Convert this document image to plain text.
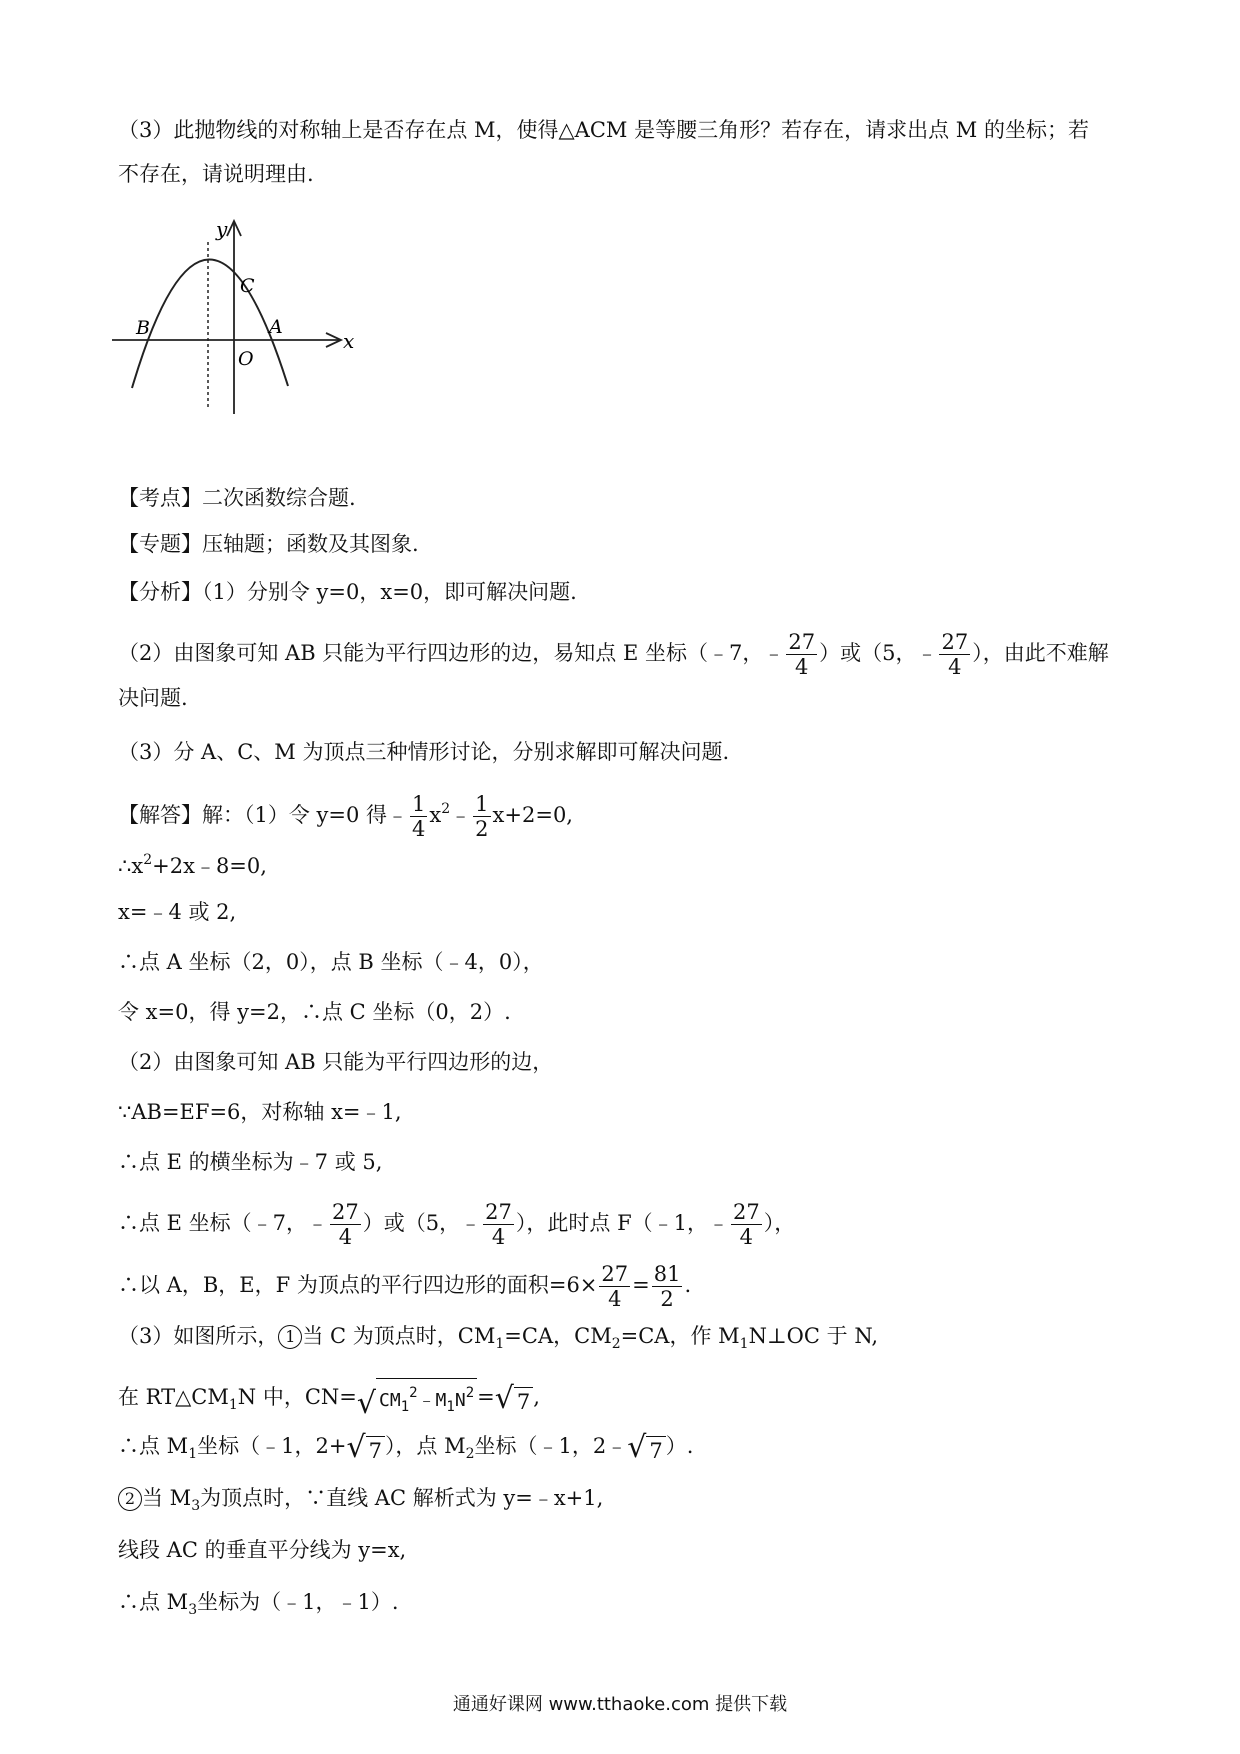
（3）此抛物线的对称轴上是否存在点 M，使得△ACM 是等腰三角形？若存在，请求出点 M 的坐标；若
不存在，请说明理由.
y
x
C
B	A
O
【考点】二次函数综合题.
【专题】压轴题；函数及其图象.
【分析】（1）分别令 y=0，x=0，即可解决问题.
（2）由图象可知 AB 只能为平行四边形的边，易知点 E 坐标（﹣7，﹣ $\frac{27}{4}$ ）或（5，﹣ $\frac{27}{4}$ ），由此不难解
决问题.
（3）分 A、C、M 为顶点三种情形讨论，分别求解即可解决问题.
【解答】解：（1）令 y=0 得﹣ $\frac{1}{4}$ $x^2﹣ \frac{1}{2} x+2=0$,
$\therefore x^2+2x﹣8=0$,
x=﹣4 或 2,
∴点 A 坐标（2，0），点 B 坐标（﹣4，0），
令 x=0，得 y=2，∴点 C 坐标（0，2）.
（2）由图象可知 AB 只能为平行四边形的边，
∵AB=EF=6，对称轴 x=﹣1,
∴点 E 的横坐标为﹣7 或 5,
∴点 E 坐标（﹣7，﹣ $\frac{27}{4}$ ）或（5，﹣ $\frac{27}{4}$ ），此时点 F（﹣1，﹣ $\frac{27}{4}$ ），
∴以 A，B，E，F 为顶点的平行四边形的面积$=6\times \frac{27}{4} = \frac{81}{2}$ .
（3）如图所示， 1 当 C 为顶点时，$CM_1=CA$，$CM_2=CA$，作 $M_1N\perp OC$ 于 N,
在 $RT\triangle CM_1N$ 中，CN= √ $CM_1^2﹣M_1N^2$ = √ 7 ,
∴点 $M_1$坐标（﹣1，2+ √ 7 ），点 $M_2$坐标（﹣1，2﹣ √ 7 ）.
2 当 $M_3$为顶点时，∵直线 AC 解析式为 y=﹣x+1,
线段 AC 的垂直平分线为 y=x,
∴点 $M_3$坐标为（﹣1，﹣1）.
通通好课网 www.tthaoke.com 提供下载
